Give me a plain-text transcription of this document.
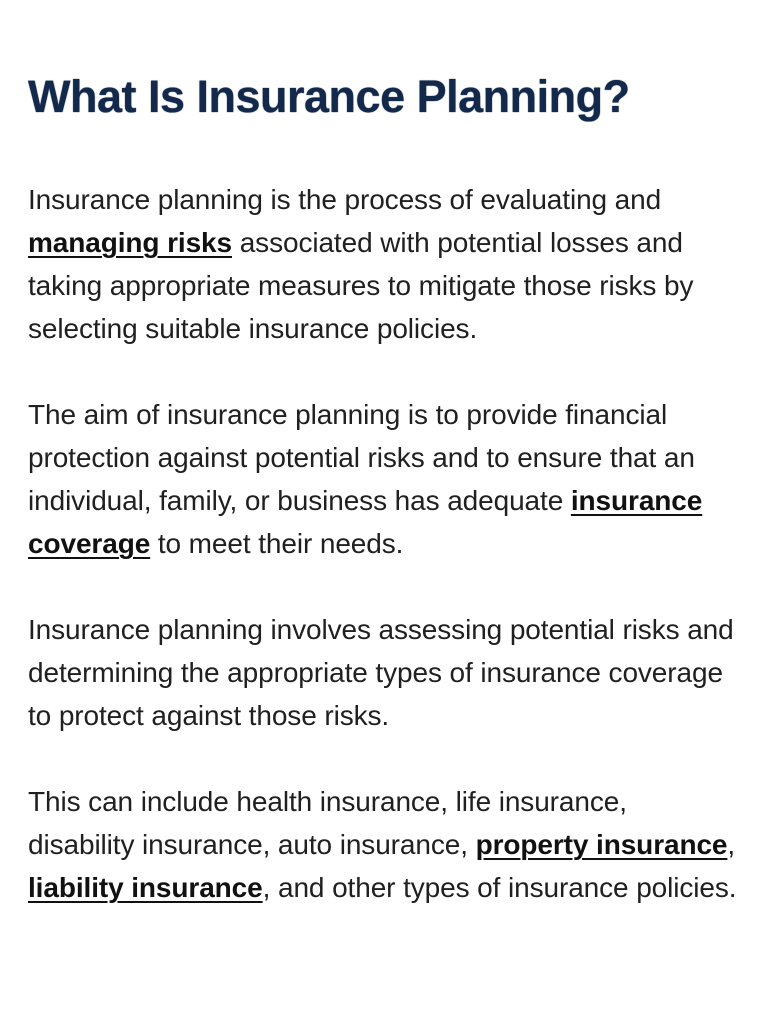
What Is Insurance Planning?

Insurance planning is the process of evaluating and managing risks associated with potential losses and taking appropriate measures to mitigate those risks by selecting suitable insurance policies.

The aim of insurance planning is to provide financial protection against potential risks and to ensure that an individual, family, or business has adequate insurance coverage to meet their needs.

Insurance planning involves assessing potential risks and determining the appropriate types of insurance coverage to protect against those risks.

This can include health insurance, life insurance, disability insurance, auto insurance, property insurance, liability insurance, and other types of insurance policies.
